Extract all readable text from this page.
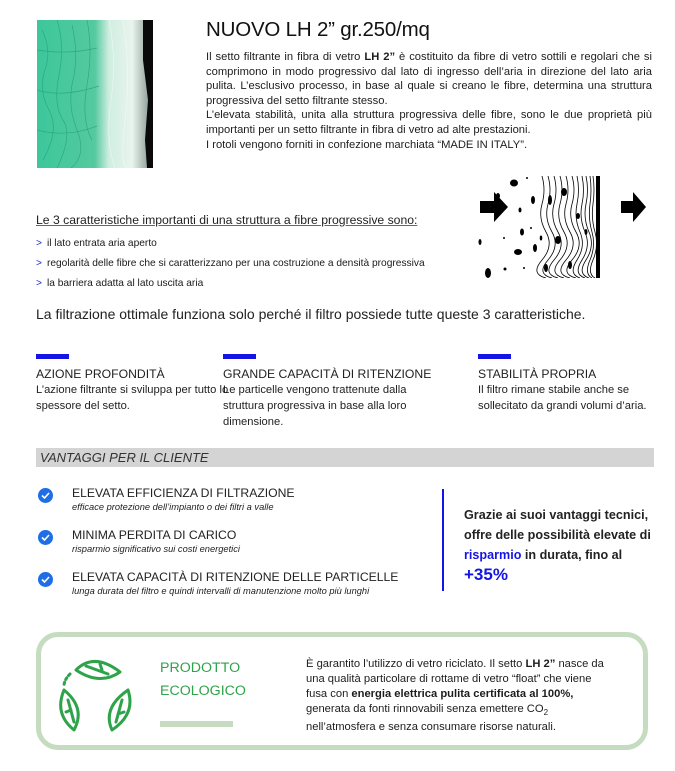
NUOVO LH 2” gr.250/mq

Il setto filtrante in fibra di vetro LH 2” è costituito da fibre di vetro sottili e regolari che si comprimono in modo progressivo dal lato di ingresso dell’aria in direzione del lato aria pulita. L’esclusivo processo, in base al quale si creano le fibre, determina una struttura progressiva del setto filtrante stesso.

L’elevata stabilità, unita alla struttura progressiva delle fibre, sono le due proprietà più importanti per un setto filtrante in fibra di vetro ad alte prestazioni.

I rotoli vengono forniti in confezione marchiata “MADE IN ITALY”.

Le 3 caratteristiche importanti di una struttura a fibre progressive sono:
> il lato entrata aria aperto
> regolarità delle fibre che si caratterizzano per una costruzione a densità progressiva
> la barriera adatta al lato uscita aria
La filtrazione ottimale funziona solo perché il filtro possiede tutte queste 3 caratteristiche.
AZIONE PROFONDITÀ
L’azione filtrante si sviluppa per tutto lo spessore del setto.
GRANDE CAPACITÀ DI RITENZIONE
Le particelle vengono trattenute dalla struttura progressiva in base alla loro dimensione.
STABILITÀ PROPRIA
Il filtro rimane stabile anche se sollecitato da grandi volumi d’aria.
VANTAGGI PER IL CLIENTE
ELEVATA EFFICIENZA DI FILTRAZIONE
efficace protezione dell’impianto o dei filtri a valle
MINIMA PERDITA DI CARICO
risparmio significativo sui costi energetici
ELEVATA CAPACITÀ DI RITENZIONE DELLE PARTICELLE
lunga durata del filtro e quindi intervalli di manutenzione molto più lunghi
Grazie ai suoi vantaggi tecnici, offre delle possibilità elevate di risparmio in durata, fino al +35%
PRODOTTO
ECOLOGICO
È garantito l’utilizzo di vetro riciclato. Il setto LH 2” nasce da una qualità particolare di rottame di vetro “float” che viene fusa con energia elettrica pulita certificata al 100%, generata da fonti rinnovabili senza emettere $CO_2$ nell’atmosfera e senza consumare risorse naturali.
